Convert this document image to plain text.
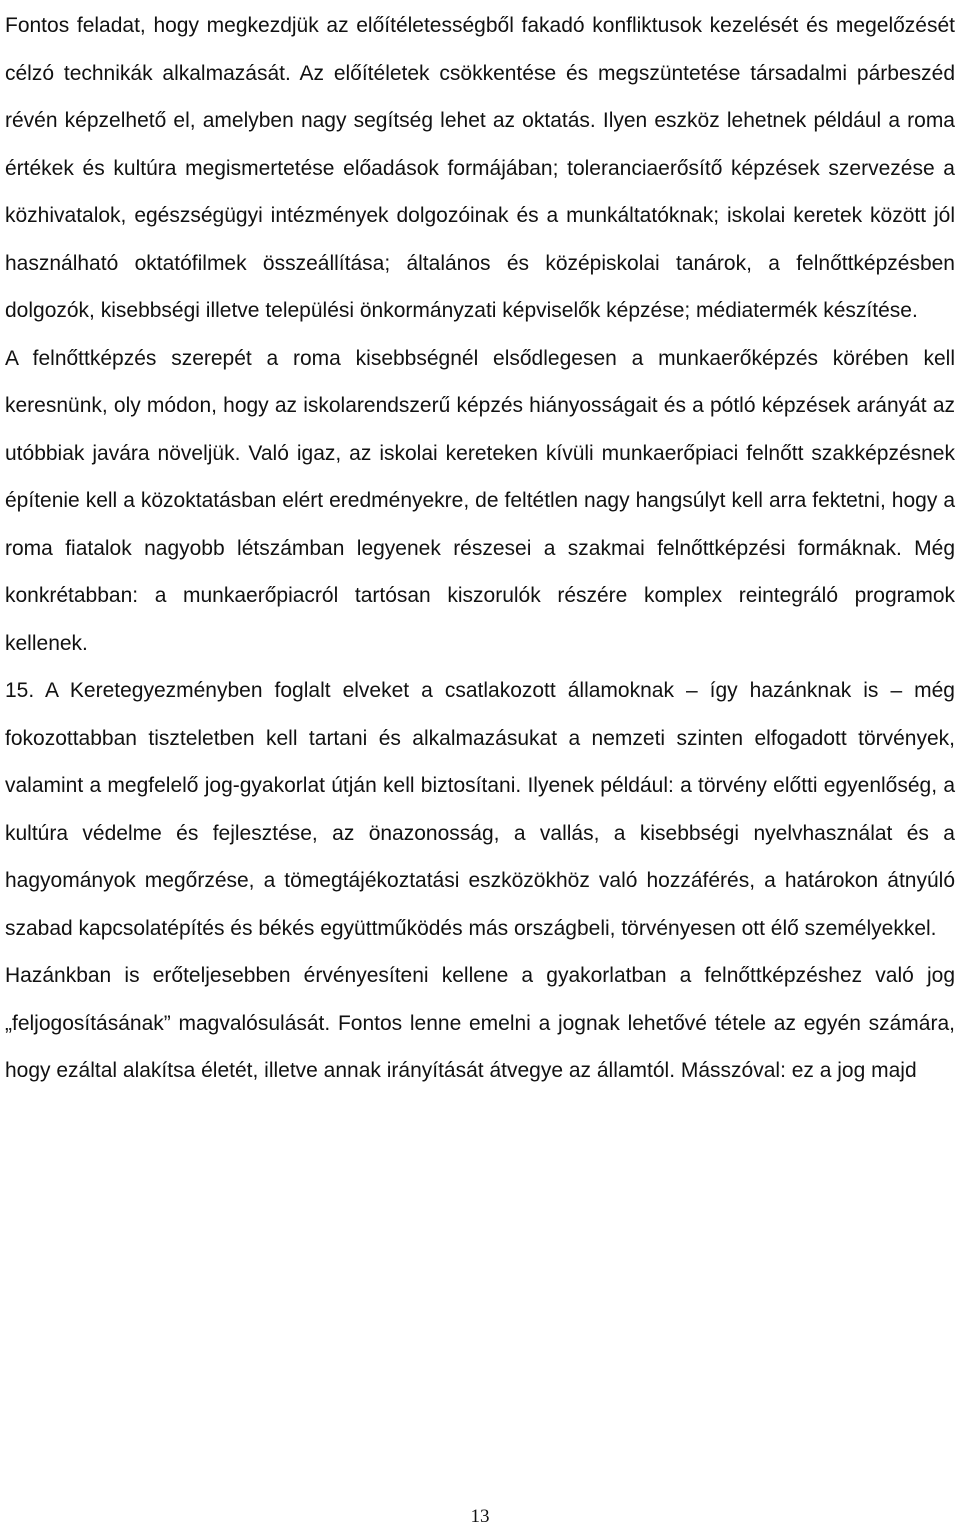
Fontos feladat, hogy megkezdjük az előítéletességből fakadó konfliktusok kezelését és megelőzését célzó technikák alkalmazását. Az előítéletek csökkentése és megszüntetése társadalmi párbeszéd révén képzelhető el, amelyben nagy segítség lehet az oktatás. Ilyen eszköz lehetnek például a roma értékek és kultúra megismertetése előadások formájában; toleranciaerősítő képzések szervezése a közhivatalok, egészségügyi intézmények dolgozóinak és a munkáltatóknak; iskolai keretek között jól használható oktatófilmek összeállítása; általános és középiskolai tanárok, a felnőttképzésben dolgozók, kisebbségi illetve települési önkormányzati képviselők képzése; médiatermék készítése.

A felnőttképzés szerepét a roma kisebbségnél elsődlegesen a munkaerőképzés körében kell keresnünk, oly módon, hogy az iskolarendszerű képzés hiányosságait és a pótló képzések arányát az utóbbiak javára növeljük. Való igaz, az iskolai kereteken kívüli munkaerőpiaci felnőtt szakképzésnek építenie kell a közoktatásban elért eredményekre, de feltétlen nagy hangsúlyt kell arra fektetni, hogy a roma fiatalok nagyobb létszámban legyenek részesei a szakmai felnőttképzési formáknak. Még konkrétabban: a munkaerőpiacról tartósan kiszorulók részére komplex reintegráló programok kellenek.

15. A Keretegyezményben foglalt elveket a csatlakozott államoknak – így hazánknak is – még fokozottabban tiszteletben kell tartani és alkalmazásukat a nemzeti szinten elfogadott törvények, valamint a megfelelő jog-gyakorlat útján kell biztosítani. Ilyenek például: a törvény előtti egyenlőség, a kultúra védelme és fejlesztése, az önazonosság, a vallás, a kisebbségi nyelvhasználat és a hagyományok megőrzése, a tömegtájékoztatási eszközökhöz való hozzáférés, a határokon átnyúló szabad kapcsolatépítés és békés együttműködés más országbeli, törvényesen ott élő személyekkel.

Hazánkban is erőteljesebben érvényesíteni kellene a gyakorlatban a felnőttképzéshez való jog „feljogosításának” magvalósulását. Fontos lenne emelni a jognak lehetővé tétele az egyén számára, hogy ezáltal alakítsa életét, illetve annak irányítását átvegye az államtól. Másszóval: ez a jog majd

13
